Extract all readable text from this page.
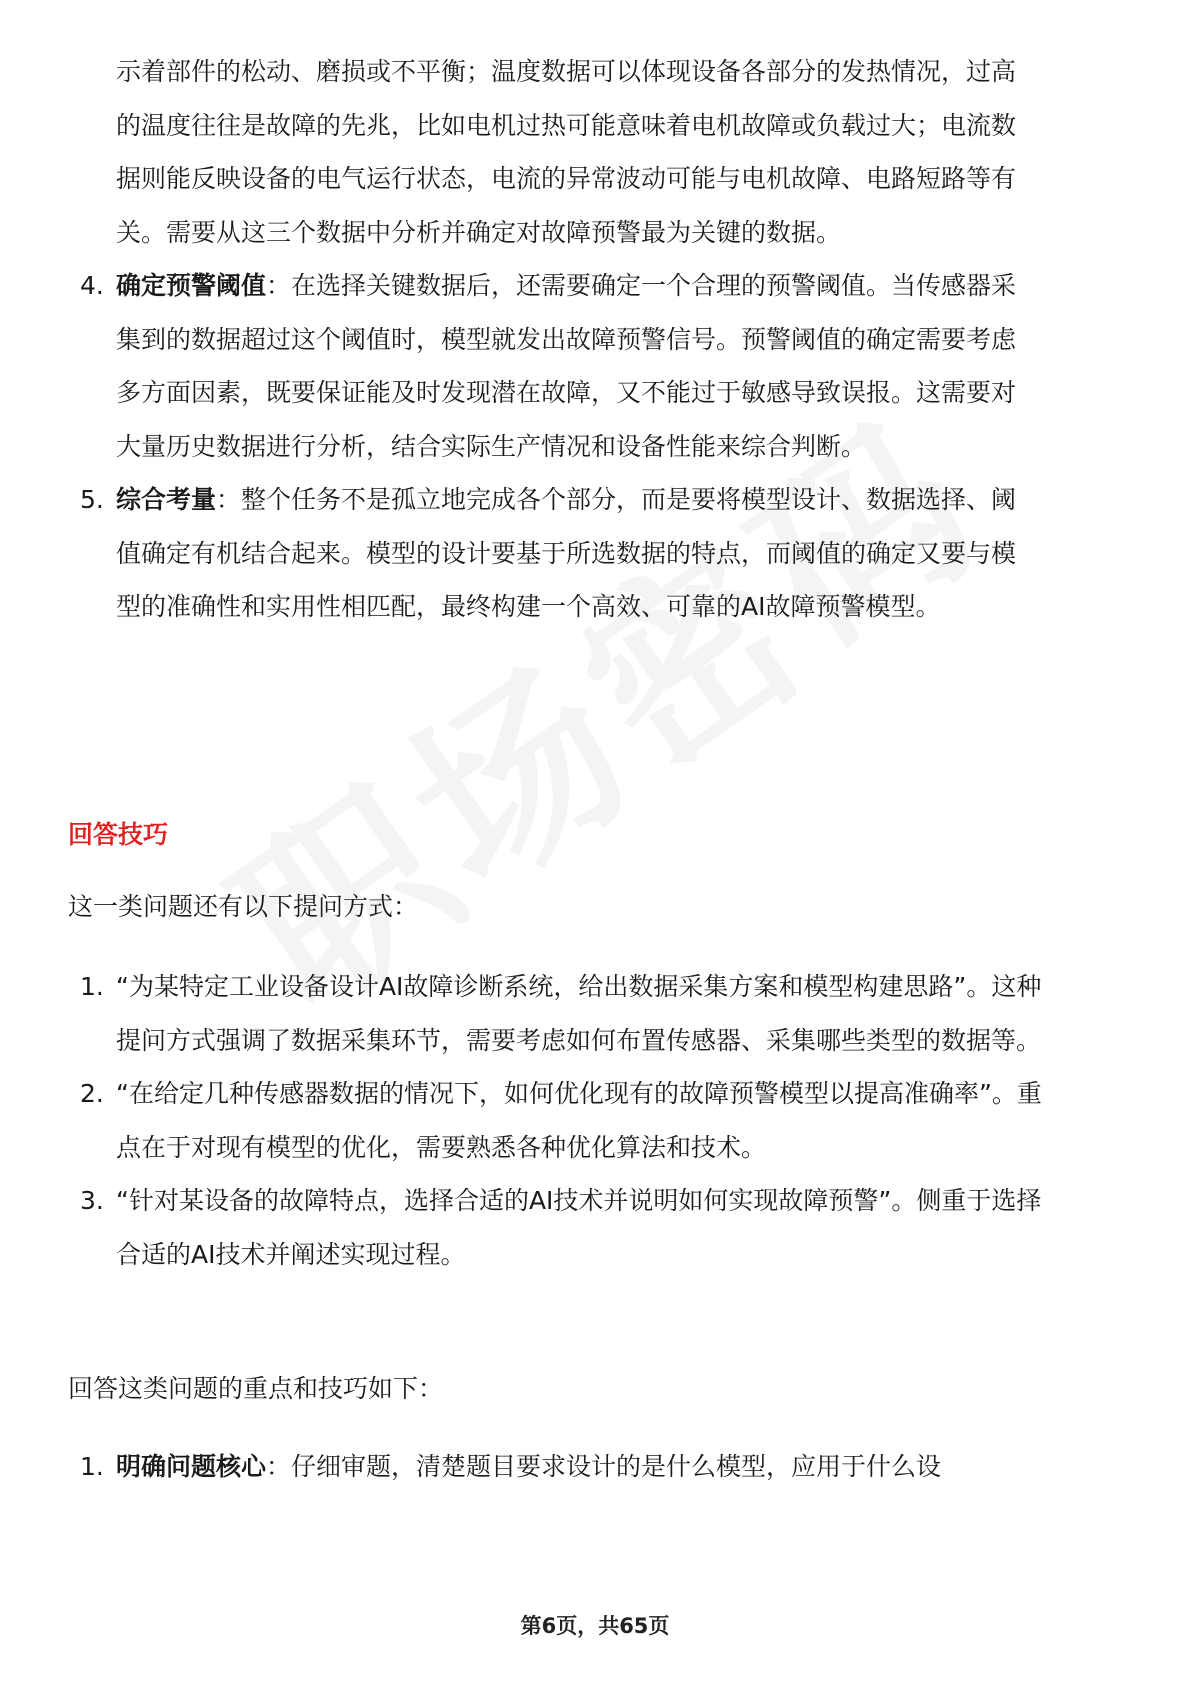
示着部件的松动、磨损或不平衡；温度数据可以体现设备各部分的发热情况，过高的温度往往是故障的先兆，比如电机过热可能意味着电机故障或负载过大；电流数据则能反映设备的电气运行状态，电流的异常波动可能与电机故障、电路短路等有关。需要从这三个数据中分析并确定对故障预警最为关键的数据。

4. 确定预警阈值：在选择关键数据后，还需要确定一个合理的预警阈值。当传感器采集到的数据超过这个阈值时，模型就发出故障预警信号。预警阈值的确定需要考虑多方面因素，既要保证能及时发现潜在故障，又不能过于敏感导致误报。这需要对大量历史数据进行分析，结合实际生产情况和设备性能来综合判断。

5. 综合考量：整个任务不是孤立地完成各个部分，而是要将模型设计、数据选择、阈值确定有机结合起来。模型的设计要基于所选数据的特点，而阈值的确定又要与模型的准确性和实用性相匹配，最终构建一个高效、可靠的AI故障预警模型。

回答技巧
这一类问题还有以下提问方式：

1. “为某特定工业设备设计AI故障诊断系统，给出数据采集方案和模型构建思路”。这种提问方式强调了数据采集环节，需要考虑如何布置传感器、采集哪些类型的数据等。

2. “在给定几种传感器数据的情况下，如何优化现有的故障预警模型以提高准确率”。重点在于对现有模型的优化，需要熟悉各种优化算法和技术。

3. “针对某设备的故障特点，选择合适的AI技术并说明如何实现故障预警”。侧重于选择合适的AI技术并阐述实现过程。

回答这类问题的重点和技巧如下：

1. 明确问题核心：仔细审题，清楚题目要求设计的是什么模型，应用于什么设

第6页，共65页
